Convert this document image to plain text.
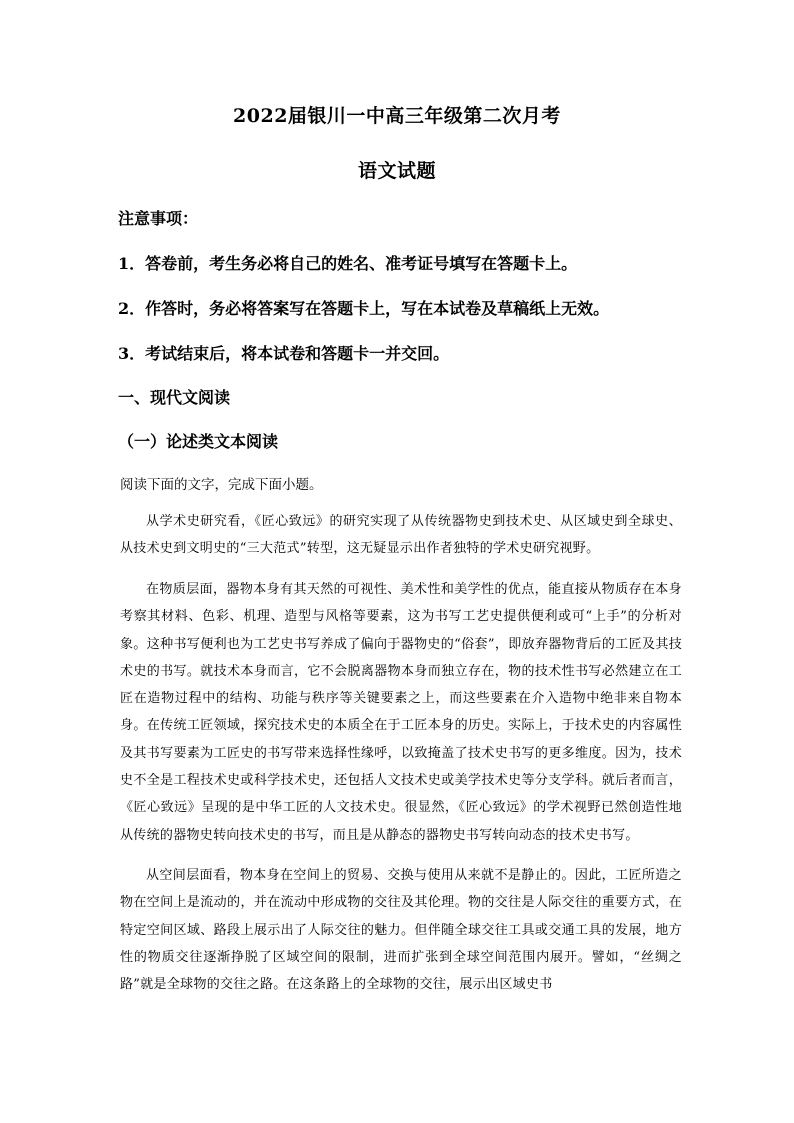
2022届银川一中高三年级第二次月考
语文试题
注意事项：
1．答卷前，考生务必将自己的姓名、准考证号填写在答题卡上。
2．作答时，务必将答案写在答题卡上，写在本试卷及草稿纸上无效。
3．考试结束后，将本试卷和答题卡一并交回。
一、现代文阅读
（一）论述类文本阅读
阅读下面的文字，完成下面小题。
从学术史研究看，《匠心致远》的研究实现了从传统器物史到技术史、从区域史到全球史、从技术史到文明史的“三大范式”转型，这无疑显示出作者独特的学术史研究视野。
在物质层面，器物本身有其天然的可视性、美术性和美学性的优点，能直接从物质存在本身考察其材料、色彩、机理、造型与风格等要素，这为书写工艺史提供便利或可“上手”的分析对象。这种书写便利也为工艺史书写养成了偏向于器物史的“俗套”，即放弃器物背后的工匠及其技术史的书写。就技术本身而言，它不会脱离器物本身而独立存在，物的技术性书写必然建立在工匠在造物过程中的结构、功能与秩序等关键要素之上，而这些要素在介入造物中绝非来自物本身。在传统工匠领域，探究技术史的本质全在于工匠本身的历史。实际上，于技术史的内容属性及其书写要素为工匠史的书写带来选择性缘呼，以致掩盖了技术史书写的更多维度。因为，技术史不全是工程技术史或科学技术史，还包括人文技术史或美学技术史等分支学科。就后者而言，《匠心致远》呈现的是中华工匠的人文技术史。很显然，《匠心致远》的学术视野已然创造性地从传统的器物史转向技术史的书写，而且是从静态的器物史书写转向动态的技术史书写。
从空间层面看，物本身在空间上的贸易、交换与使用从来就不是静止的。因此，工匠所造之物在空间上是流动的，并在流动中形成物的交往及其伦理。物的交往是人际交往的重要方式，在特定空间区域、路段上展示出了人际交往的魅力。但伴随全球交往工具或交通工具的发展，地方性的物质交往逐渐挣脱了区域空间的限制，进而扩张到全球空间范围内展开。譬如，“丝绸之路”就是全球物的交往之路。在这条路上的全球物的交往，展示出区域史书
